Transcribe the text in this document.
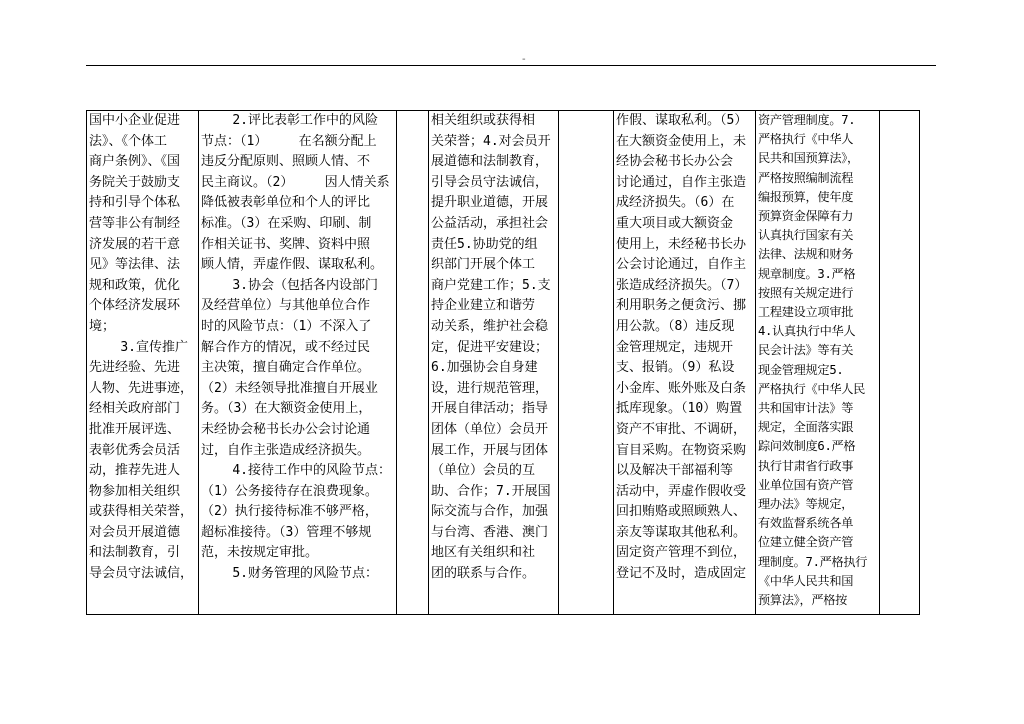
-
国中小企业促进
法》、《个体工
商户条例》、《国
务院关于鼓励支
持和引导个体私
营等非公有制经
济发展的若干意
见》等法律、法
规和政策，优化
个体经济发展环
境；
3.宣传推广
先进经验、先进
人物、先进事迹，
经相关政府部门
批准开展评选、
表彰优秀会员活
动，推荐先进人
物参加相关组织
或获得相关荣誉，
对会员开展道德
和法制教育，引
导会员守法诚信，
2.评比表彰工作中的风险
节点：（1）    在名额分配上
违反分配原则、照顾人情、不
民主商议。（2）    因人情关系
降低被表彰单位和个人的评比
标准。（3）在采购、印刷、制
作相关证书、奖牌、资料中照
顾人情，弄虚作假、谋取私利。
3.协会（包括各内设部门
及经营单位）与其他单位合作
时的风险节点：（1）不深入了
解合作方的情况，或不经过民
主决策，擅自确定合作单位。
（2）未经领导批准擅自开展业
务。（3）在大额资金使用上，
未经协会秘书长办公会讨论通
过，自作主张造成经济损失。
4.接待工作中的风险节点：
（1）公务接待存在浪费现象。
（2）执行接待标准不够严格，
超标准接待。（3）管理不够规
范，未按规定审批。
5.财务管理的风险节点：
相关组织或获得相
关荣誉；4.对会员开
展道德和法制教育，
引导会员守法诚信，
提升职业道德，开展
公益活动，承担社会
责任5.协助党的组
织部门开展个体工
商户党建工作；5.支
持企业建立和谐劳
动关系，维护社会稳
定，促进平安建设；
6.加强协会自身建
设，进行规范管理，
开展自律活动；指导
团体（单位）会员开
展工作，开展与团体
（单位）会员的互
助、合作；7.开展国
际交流与合作，加强
与台湾、香港、澳门
地区有关组织和社
团的联系与合作。
作假、谋取私利。（5）
在大额资金使用上，未
经协会秘书长办公会
讨论通过，自作主张造
成经济损失。（6）在
重大项目或大额资金
使用上，未经秘书长办
公会讨论通过，自作主
张造成经济损失。（7）
利用职务之便贪污、挪
用公款。（8）违反现
金管理规定，违规开
支、报销。（9）私设
小金库、账外账及白条
抵库现象。（10）购置
资产不审批、不调研，
盲目采购。在物资采购
以及解决干部福利等
活动中，弄虚作假收受
回扣贿赂或照顾熟人、
亲友等谋取其他私利。
固定资产管理不到位，
登记不及时，造成固定
资产管理制度。7.
严格执行《中华人
民共和国预算法》，
严格按照编制流程
编报预算，使年度
预算资金保障有力
认真执行国家有关
法律、法规和财务
规章制度。3.严格
按照有关规定进行
工程建设立项审批
4.认真执行中华人
民会计法》等有关
现金管理规定5.
严格执行《中华人民
共和国审计法》等
规定，全面落实跟
踪问效制度6.严格
执行甘肃省行政事
业单位国有资产管
理办法》等规定，
有效监督系统各单
位建立健全资产管
理制度。7.严格执行
《中华人民共和国
预算法》，严格按
